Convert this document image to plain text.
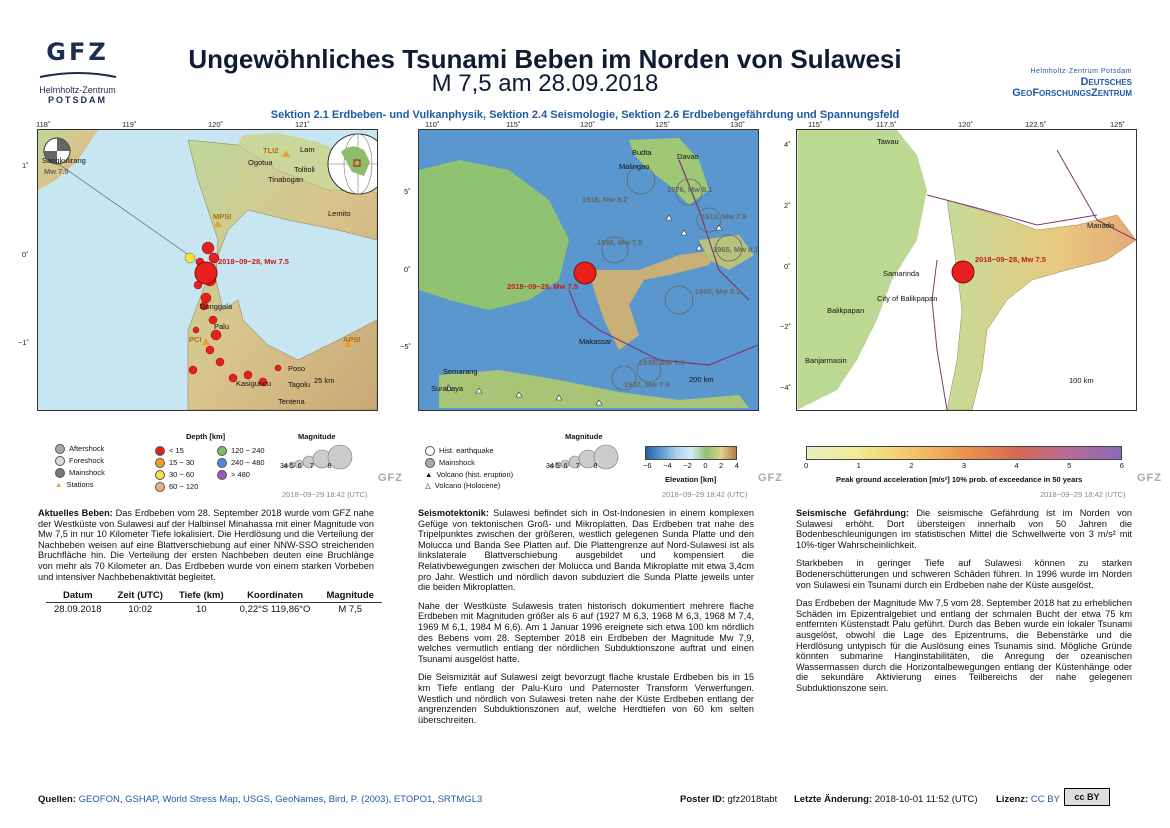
GFZ
Helmholtz-Zentrum
POTSDAM
Ungewöhnliches Tsunami Beben im Norden von Sulawesi
M 7,5 am 28.09.2018	Helmholtz-Zentrum Potsdam
Deutsches
GeoForschungsZentrum
Sektion 2.1 Erdbeben- und Vulkanphysik, Sektion 2.4 Seismologie, Sektion 2.6 Erdbebengefährdung und Spannungsfeld
118˚	119˚	120˚	121˚
1˚
0˚
−1˚
Sangkulirang
Mw 7.5
TLI2	Lam
Ogotua
Tolitoli
Tinabogan
Lemito
MPSI
Donggala
Palu
PCI	APSI
Poso
Kasiguncu Tagolu
Tentena
2018−09−28, Mw 7.5
25 km
110˚	115˚	120˚	125˚	130˚
5˚
0˚
−5˚
Budta	Davao
Malingao
Makassar
Semarang
Surabaya
1976, Mw 8.1
1918, Mw 8.2
1913, Mw 7.9
1996, Mw 7.9
1965, Mw 8.1
1965, Mw 8.2
1938, Mw 7.9
1907, Mw 7.9
2018−09−28, Mw 7.5
200 km
115˚	117.5˚	120˚	122.5˚	125˚
4˚
2˚
0˚
−2˚
−4˚
Tawau
Manado
Samarinda
City of Balikpapan
Balikpapan
Banjarmasin
2018−09−28, Mw 7.5
100 km
Aftershock
Foreshock
Mainshock
▲ Stations
Depth [km]
< 15	120 − 240
15 − 30	240 − 480
30 − 60	> 480
60 − 120
Magnitude
34 5 6 7 8
GFZ
2018−09−29 18:42 (UTC)
Hist. earthquake
Mainshock
▲ Volcano (hist. eruption)
△ Volcano (Holocene)
Magnitude
34 5 6 7 8	−6 −4 −2 0 2 4
Elevation [km]	GFZ
2018−09−29 18:42 (UTC)
0	1	2	3	4	5	6
Peak ground acceleration [m/s²] 10% prob. of exceedance in 50 years	GFZ
2018−09−29 18:42 (UTC)

Aktuelles Beben: Das Erdbeben vom 28. September 2018 wurde vom GFZ nahe der Westküste von Sulawesi auf der Halbinsel Minahassa mit einer Magnitude von Mw 7,5 in nur 10 Kilometer Tiefe lokalisiert. Die Herdlösung und die Verteilung der Nachbeben weisen auf eine Blattverschiebung auf einer NNW-SSO streichenden Bruchfläche hin. Die Verteilung der ersten Nachbeben deuten eine Bruchlänge von mehr als 70 Kilometer an. Das Erdbeben wurde von einem starken Vorbeben und intensiver Nachbebenaktivität begleitet.

Datum	Zeit (UTC)	Tiefe (km)	Koordinaten	Magnitude
28.09.2018	10:02	10	0,22°S 119,86°O	M 7,5

Seismotektonik: Sulawesi befindet sich in Ost-Indonesien in einem komplexen Gefüge von tektonischen Groß- und Mikroplatten. Das Erdbeben trat nahe des Tripelpunktes zwischen der größeren, westlich gelegenen Sunda Platte und den Molucca und Banda See Platten auf. Die Plattengrenze auf Nord-Sulawesi ist als linkslaterale Blattverschiebung ausgebildet und kompensiert die Relativbewegungen zwischen der Molucca und Banda Mikroplatte mit etwa 3,4cm pro Jahr. Westlich und nördlich davon subduziert die Sunda Platte jeweils unter die beiden Mikroplatten.

Nahe der Westküste Sulawesis traten historisch dokumentiert mehrere flache Erdbeben mit Magnituden größer als 6 auf (1927 M 6,3, 1968 M 6,3, 1968 M 7,4, 1969 M 6,1, 1984 M 6,6). Am 1 Januar 1996 ereignete sich etwa 100 km nördlich des Bebens vom 28. September 2018 ein Erdbeben der Magnitude Mw 7,9, welches vermutlich entlang der nördlichen Subduktionszone auftrat und einen Tsunami ausgelöst hatte.

Die Seismizität auf Sulawesi zeigt bevorzugt flache krustale Erdbeben bis in 15 km Tiefe entlang der Palu-Kuro und Paternoster Transform Verwerfungen. Westlich und nördlich von Sulawesi treten nahe der Küste Erdbeben entlang der angrenzenden Subduktionszonen auf, welche Herdtiefen von 60 km selten überschreiten.

Seismische Gefährdung: Die seismische Gefährdung ist im Norden von Sulawesi erhöht. Dort übersteigen innerhalb von 50 Jahren die Bodenbeschleunigungen im statistischen Mittel die Schwellwerte von 3 m/s² mit 10%-tiger Wahrscheinlichkeit.

Starkbeben in geringer Tiefe auf Sulawesi können zu starken Bodenerschütterungen und schweren Schäden führen. In 1996 wurde im Norden von Sulawesi ein Tsunami durch ein Erdbeben nahe der Küste ausgelöst.

Das Erdbeben der Magnitude Mw 7,5 vom 28. September 2018 hat zu erheblichen Schäden im Epizentralgebiet und entlang der schmalen Bucht der etwa 75 km entfernten Küstenstadt Palu geführt. Durch das Beben wurde ein lokaler Tsunami ausgelöst, obwohl die Lage des Epizentrums, die Bebenstärke und die Herdlösung untypisch für die Auslösung eines Tsunamis sind. Mögliche Gründe könnten submarine Hanginstabilitäten, die Anregung der ozeanischen Wassermassen durch die Horizontalbewegungen entlang der Küstenhänge oder die sekundäre Aktivierung eines Teilbereichs der nahe gelegenen Subduktionszone sein.

Quellen: GEOFON, GSHAP, World Stress Map, USGS, GeoNames, Bird, P. (2003), ETOPO1, SRTMGL3	Poster ID: gfz2018tabt Letzte Änderung: 2018-10-01 11:52 (UTC) Lizenz: CC BY	cc BY
